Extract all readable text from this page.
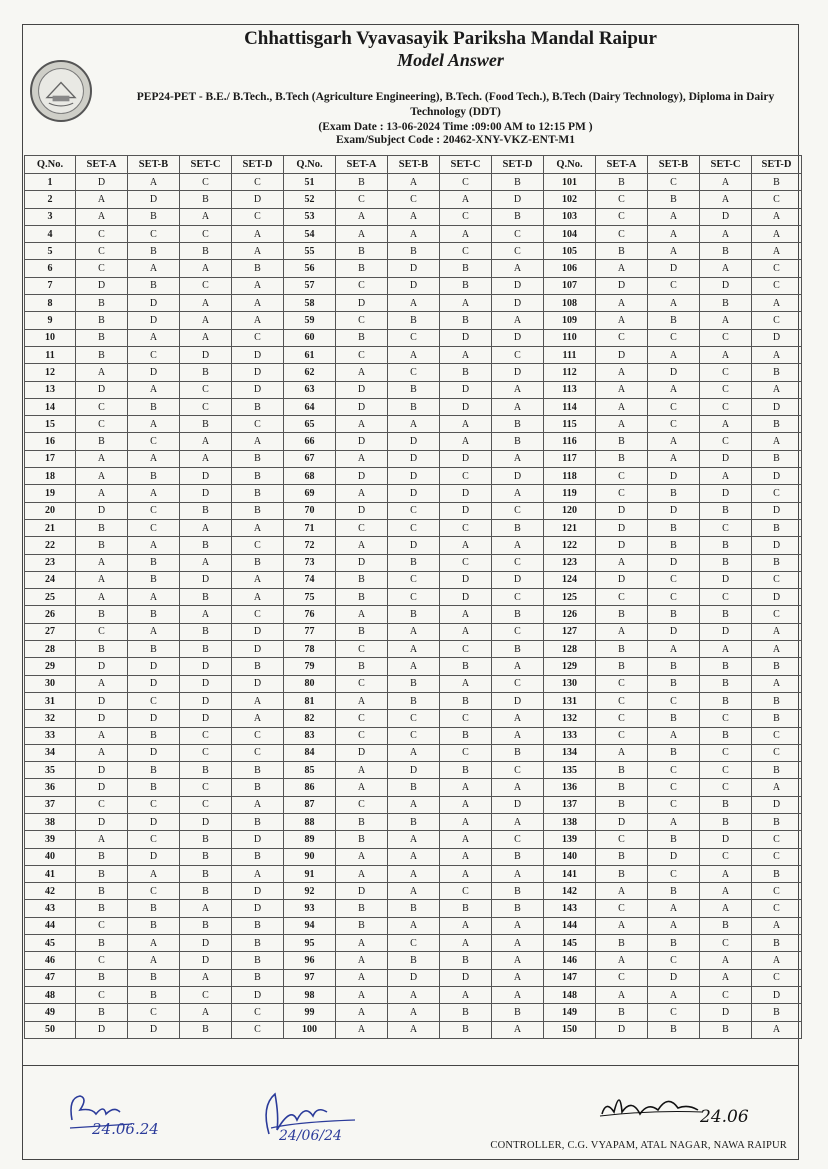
Chhattisgarh Vyavasayik Pariksha Mandal Raipur
Model Answer
PEP24-PET - B.E./ B.Tech., B.Tech (Agriculture Engineering), B.Tech. (Food Tech.), B.Tech (Dairy Technology), Diploma in Dairy Technology (DDT)
(Exam Date : 13-06-2024 Time :09:00 AM to 12:15 PM )
Exam/Subject Code : 20462-XNY-VKZ-ENT-M1
Q.No.	SET-A	SET-B	SET-C	SET-D	Q.No.	SET-A	SET-B	SET-C	SET-D	Q.No.	SET-A	SET-B	SET-C	SET-D
1	D	A	C	C	51	B	A	C	B	101	B	C	A	B
2	A	D	B	D	52	C	C	A	D	102	C	B	A	C
3	A	B	A	C	53	A	A	C	B	103	C	A	D	A
4	C	C	C	A	54	A	A	A	C	104	C	A	A	A
5	C	B	B	A	55	B	B	C	C	105	B	A	B	A
6	C	A	A	B	56	B	D	B	A	106	A	D	A	C
7	D	B	C	A	57	C	D	B	D	107	D	C	D	C
8	B	D	A	A	58	D	A	A	D	108	A	A	B	A
9	B	D	A	A	59	C	B	B	A	109	A	B	A	C
10	B	A	A	C	60	B	C	D	D	110	C	C	C	D
11	B	C	D	D	61	C	A	A	C	111	D	A	A	A
12	A	D	B	D	62	A	C	B	D	112	A	D	C	B
13	D	A	C	D	63	D	B	D	A	113	A	A	C	A
14	C	B	C	B	64	D	B	D	A	114	A	C	C	D
15	C	A	B	C	65	A	A	A	B	115	A	C	A	B
16	B	C	A	A	66	D	D	A	B	116	B	A	C	A
17	A	A	A	B	67	A	D	D	A	117	B	A	D	B
18	A	B	D	B	68	D	D	C	D	118	C	D	A	D
19	A	A	D	B	69	A	D	D	A	119	C	B	D	C
20	D	C	B	B	70	D	C	D	C	120	D	D	B	D
21	B	C	A	A	71	C	C	C	B	121	D	B	C	B
22	B	A	B	C	72	A	D	A	A	122	D	B	B	D
23	A	B	A	B	73	D	B	C	C	123	A	D	B	B
24	A	B	D	A	74	B	C	D	D	124	D	C	D	C
25	A	A	B	A	75	B	C	D	C	125	C	C	C	D
26	B	B	A	C	76	A	B	A	B	126	B	B	B	C
27	C	A	B	D	77	B	A	A	C	127	A	D	D	A
28	B	B	B	D	78	C	A	C	B	128	B	A	A	A
29	D	D	D	B	79	B	A	B	A	129	B	B	B	B
30	A	D	D	D	80	C	B	A	C	130	C	B	B	A
31	D	C	D	A	81	A	B	B	D	131	C	C	B	B
32	D	D	D	A	82	C	C	C	A	132	C	B	C	B
33	A	B	C	C	83	C	C	B	A	133	C	A	B	C
34	A	D	C	C	84	D	A	C	B	134	A	B	C	C
35	D	B	B	B	85	A	D	B	C	135	B	C	C	B
36	D	B	C	B	86	A	B	A	A	136	B	C	C	A
37	C	C	C	A	87	C	A	A	D	137	B	C	B	D
38	D	D	D	B	88	B	B	A	A	138	D	A	B	B
39	A	C	B	D	89	B	A	A	C	139	C	B	D	C
40	B	D	B	B	90	A	A	A	B	140	B	D	C	C
41	B	A	B	A	91	A	A	A	A	141	B	C	A	B
42	B	C	B	D	92	D	A	C	B	142	A	B	A	C
43	B	B	A	D	93	B	B	B	B	143	C	A	A	C
44	C	B	B	B	94	B	A	A	A	144	A	A	B	A
45	B	A	D	B	95	A	C	A	A	145	B	B	C	B
46	C	A	D	B	96	A	B	B	A	146	A	C	A	A
47	B	B	A	B	97	A	D	D	A	147	C	D	A	C
48	C	B	C	D	98	A	A	A	A	148	A	A	C	D
49	B	C	A	C	99	A	A	B	B	149	B	C	D	B
50	D	D	B	C	100	A	A	B	A	150	D	B	B	A
24.06.24	24/06/24
24.06
CONTROLLER, C.G. VYAPAM, ATAL NAGAR, NAWA RAIPUR
